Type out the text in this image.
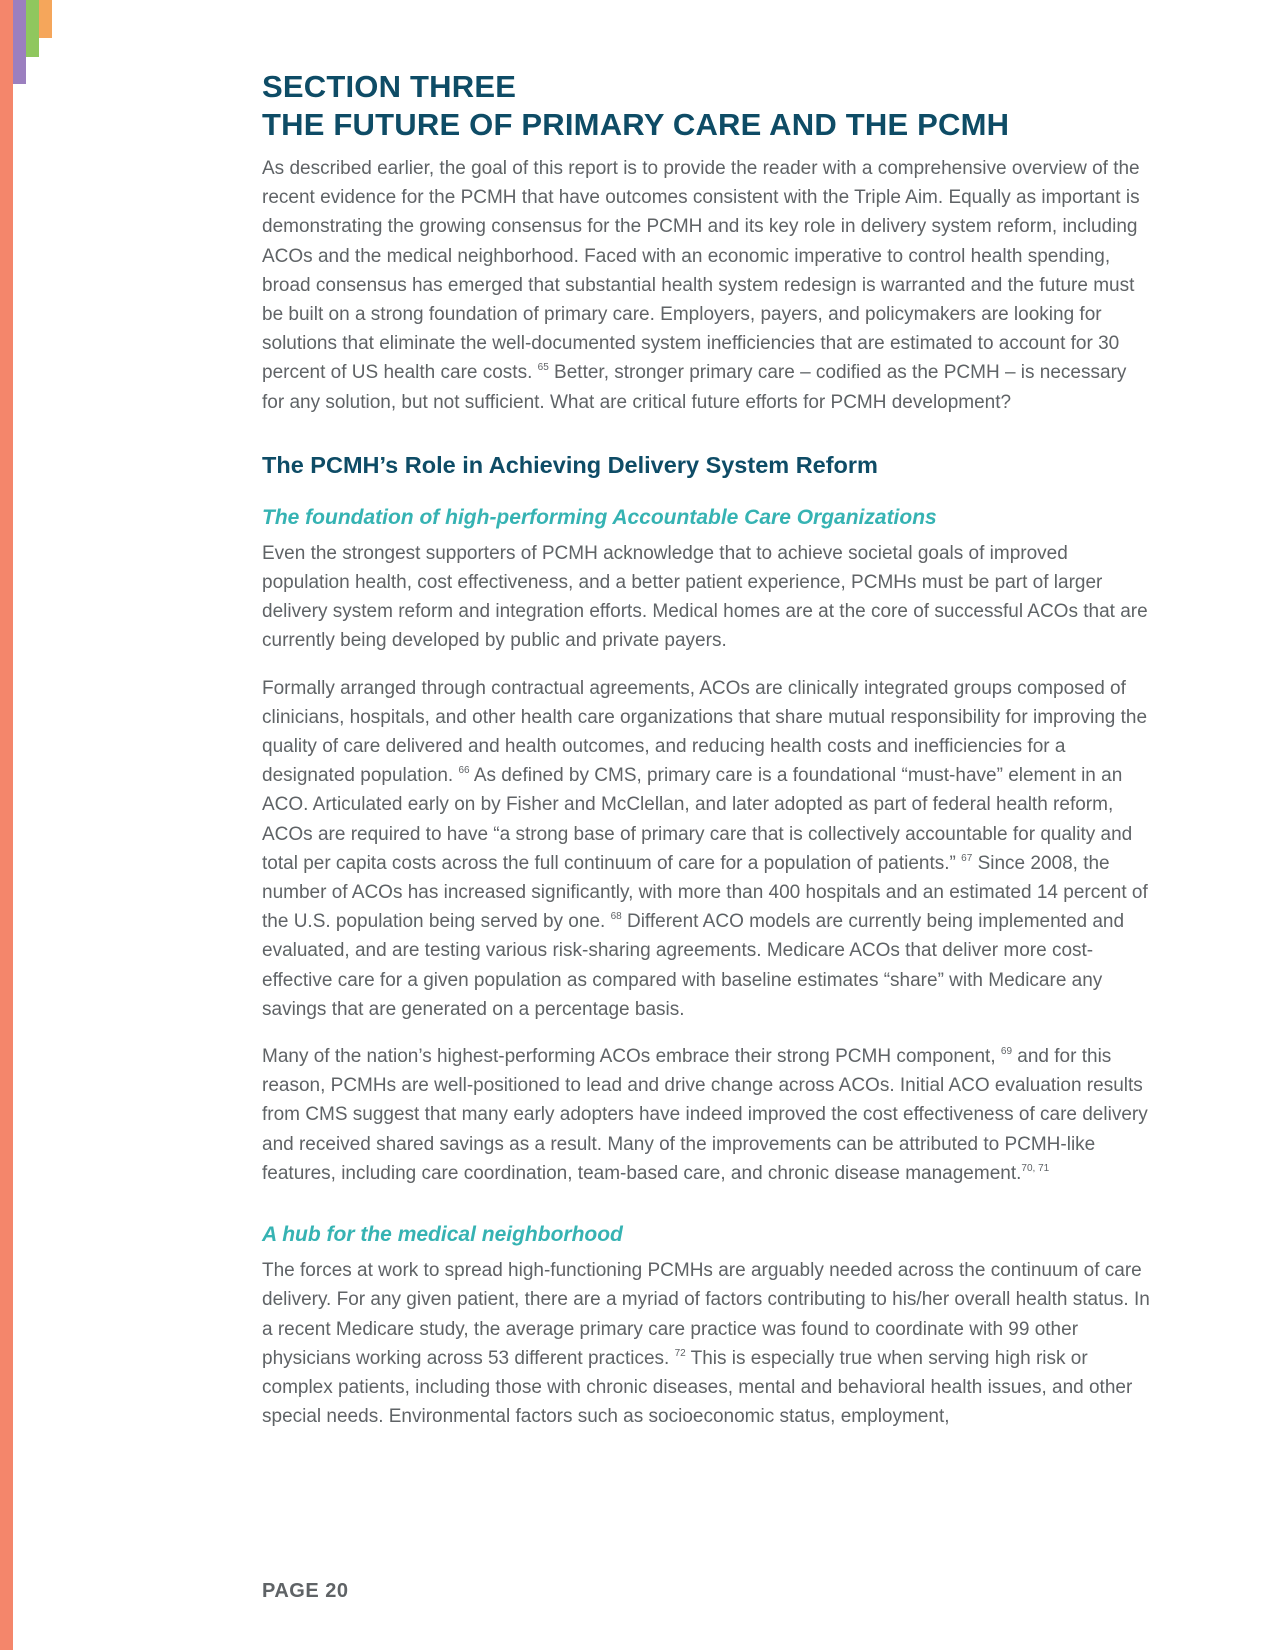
SECTION THREE
THE FUTURE OF PRIMARY CARE AND THE PCMH

As described earlier, the goal of this report is to provide the reader with a comprehensive overview of the recent evidence for the PCMH that have outcomes consistent with the Triple Aim. Equally as important is demonstrating the growing consensus for the PCMH and its key role in delivery system reform, including ACOs and the medical neighborhood. Faced with an economic imperative to control health spending, broad consensus has emerged that substantial health system redesign is warranted and the future must be built on a strong foundation of primary care. Employers, payers, and policymakers are looking for solutions that eliminate the well-documented system inefficiencies that are estimated to account for 30 percent of US health care costs. $^{65}$ Better, stronger primary care – codified as the PCMH – is necessary for any solution, but not sufficient. What are critical future efforts for PCMH development?

The PCMH’s Role in Achieving Delivery System Reform
The foundation of high-performing Accountable Care Organizations

Even the strongest supporters of PCMH acknowledge that to achieve societal goals of improved population health, cost effectiveness, and a better patient experience, PCMHs must be part of larger delivery system reform and integration efforts. Medical homes are at the core of successful ACOs that are currently being developed by public and private payers.

Formally arranged through contractual agreements, ACOs are clinically integrated groups composed of clinicians, hospitals, and other health care organizations that share mutual responsibility for improving the quality of care delivered and health outcomes, and reducing health costs and inefficiencies for a designated population. $^{66}$ As defined by CMS, primary care is a foundational “must-have” element in an ACO. Articulated early on by Fisher and McClellan, and later adopted as part of federal health reform, ACOs are required to have “a strong base of primary care that is collectively accountable for quality and total per capita costs across the full continuum of care for a population of patients.” $^{67}$ Since 2008, the number of ACOs has increased significantly, with more than 400 hospitals and an estimated 14 percent of the U.S. population being served by one. $^{68}$ Different ACO models are currently being implemented and evaluated, and are testing various risk-sharing agreements. Medicare ACOs that deliver more cost-effective care for a given population as compared with baseline estimates “share” with Medicare any savings that are generated on a percentage basis.

Many of the nation’s highest-performing ACOs embrace their strong PCMH component, $^{69}$ and for this reason, PCMHs are well-positioned to lead and drive change across ACOs. Initial ACO evaluation results from CMS suggest that many early adopters have indeed improved the cost effectiveness of care delivery and received shared savings as a result. Many of the improvements can be attributed to PCMH-like features, including care coordination, team-based care, and chronic disease management.$^{70, 71}$

A hub for the medical neighborhood

The forces at work to spread high-functioning PCMHs are arguably needed across the continuum of care delivery. For any given patient, there are a myriad of factors contributing to his/her overall health status. In a recent Medicare study, the average primary care practice was found to coordinate with 99 other physicians working across 53 different practices. $^{72}$ This is especially true when serving high risk or complex patients, including those with chronic diseases, mental and behavioral health issues, and other special needs. Environmental factors such as socioeconomic status, employment,

PAGE 20
